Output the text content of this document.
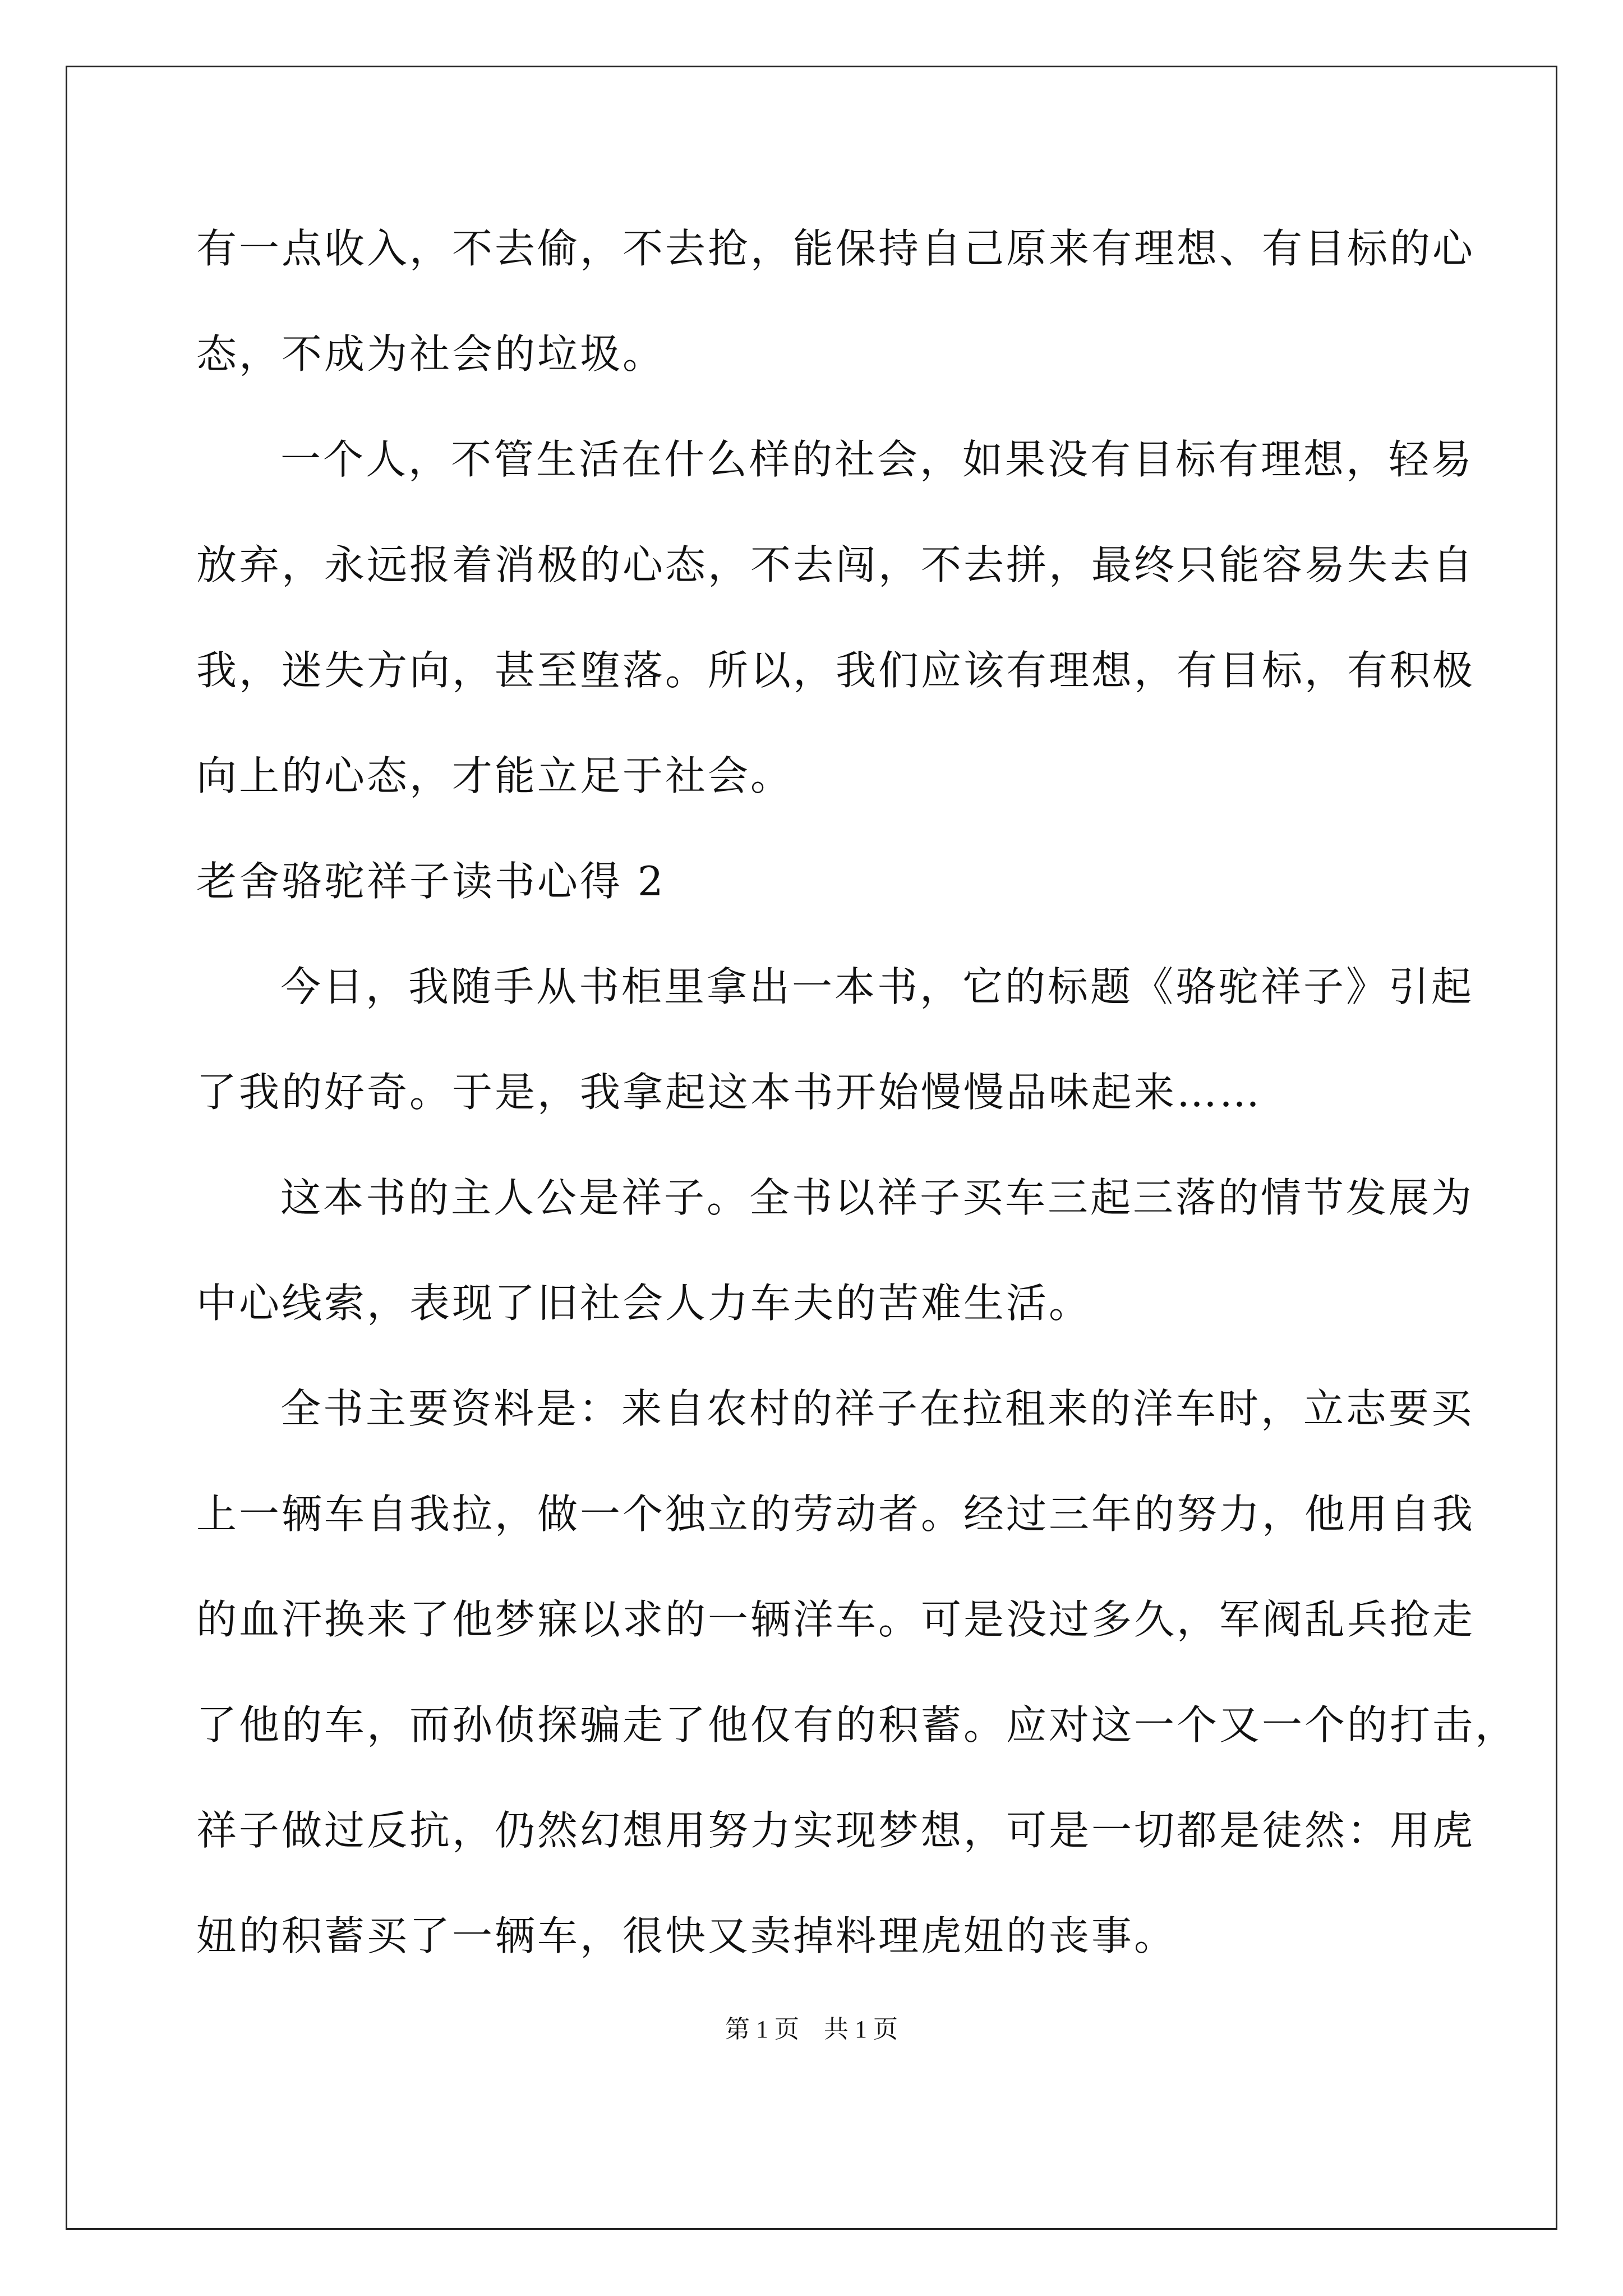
有一点收入，不去偷，不去抢，能保持自己原来有理想、有目标的心
态，不成为社会的垃圾。
一个人，不管生活在什么样的社会，如果没有目标有理想，轻易
放弃，永远报着消极的心态，不去闯，不去拼，最终只能容易失去自
我，迷失方向，甚至堕落。所以，我们应该有理想，有目标，有积极
向上的心态，才能立足于社会。
老舍骆驼祥子读书心得 2
今日，我随手从书柜里拿出一本书，它的标题《骆驼祥子》引起
了我的好奇。于是，我拿起这本书开始慢慢品味起来……
这本书的主人公是祥子。全书以祥子买车三起三落的情节发展为
中心线索，表现了旧社会人力车夫的苦难生活。
全书主要资料是：来自农村的祥子在拉租来的洋车时，立志要买
上一辆车自我拉，做一个独立的劳动者。经过三年的努力，他用自我
的血汗换来了他梦寐以求的一辆洋车。可是没过多久，军阀乱兵抢走
了他的车，而孙侦探骗走了他仅有的积蓄。应对这一个又一个的打击，
祥子做过反抗，仍然幻想用努力实现梦想，可是一切都是徒然：用虎
妞的积蓄买了一辆车，很快又卖掉料理虎妞的丧事。
第 1 页　共 1 页
